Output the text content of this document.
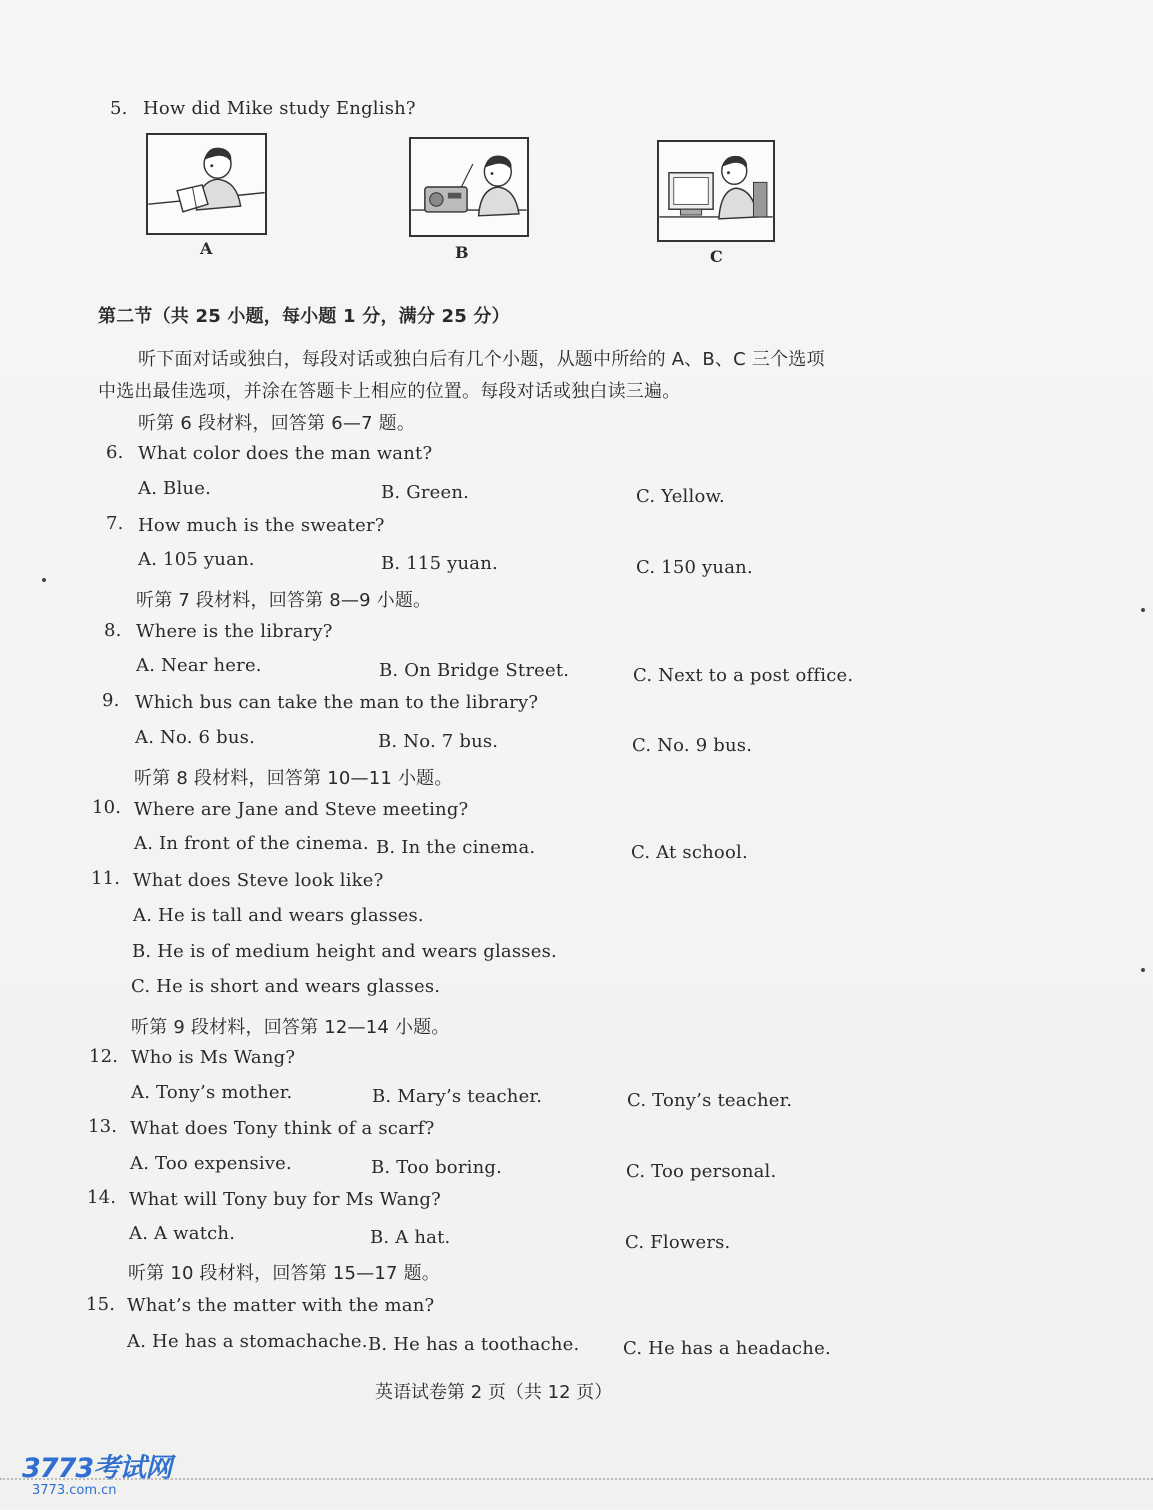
5. How did Mike study English?
A	B	C
第二节（共 25 小题，每小题 1 分，满分 25 分）
听下面对话或独白，每段对话或独白后有几个小题，从题中所给的 A、B、C 三个选项
中选出最佳选项，并涂在答题卡上相应的位置。每段对话或独白读三遍。
听第 6 段材料，回答第 6—7 题。
6. What color does the man want?
A. Blue.	B. Green.	C. Yellow.
7. How much is the sweater?
A. 105 yuan.	B. 115 yuan.	C. 150 yuan.
听第 7 段材料，回答第 8—9 小题。
8. Where is the library?
A. Near here.	B. On Bridge Street.	C. Next to a post office.
9. Which bus can take the man to the library?
A. No. 6 bus.	B. No. 7 bus.	C. No. 9 bus.
听第 8 段材料，回答第 10—11 小题。
10. Where are Jane and Steve meeting?
A. In front of the cinema. B. In the cinema.	C. At school.
11. What does Steve look like?
A. He is tall and wears glasses.
B. He is of medium height and wears glasses.
C. He is short and wears glasses.
听第 9 段材料，回答第 12—14 小题。
12. Who is Ms Wang?
A. Tony’s mother.	B. Mary’s teacher.	C. Tony’s teacher.
13. What does Tony think of a scarf?
A. Too expensive.	B. Too boring.	C. Too personal.
14. What will Tony buy for Ms Wang?
A. A watch.	B. A hat.	C. Flowers.
听第 10 段材料，回答第 15—17 题。
15. What’s the matter with the man?
A. He has a stomachache. B. He has a toothache. C. He has a headache.
英语试卷第 2 页（共 12 页）
3773考试网
3773.com.cn
